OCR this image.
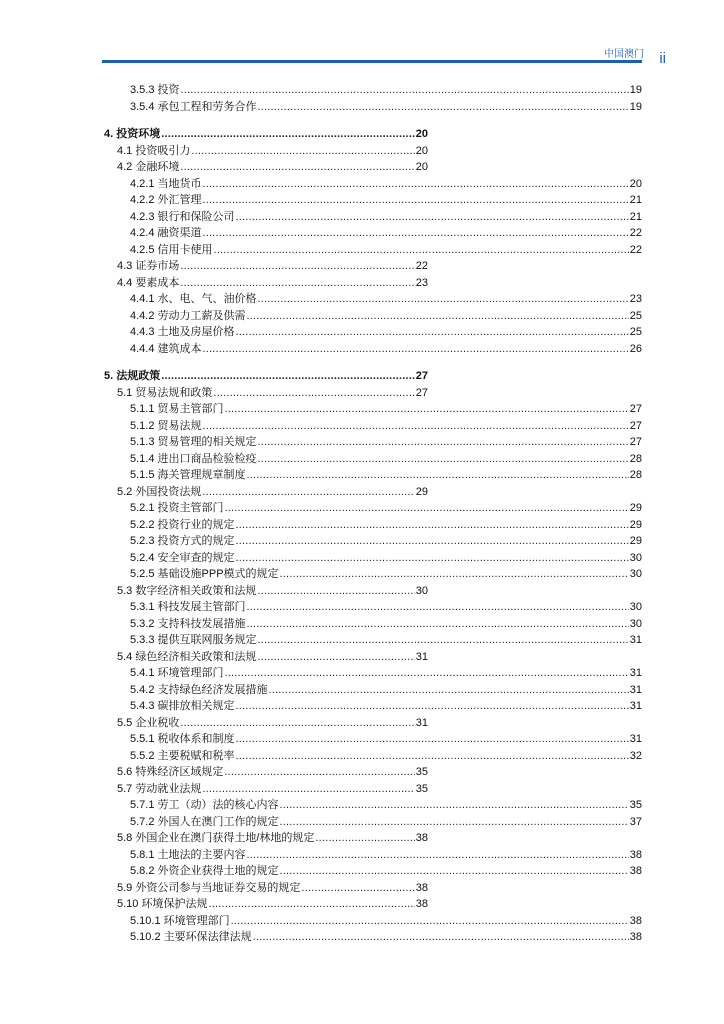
中国澳门 ii
3.5.3 投资 .....	19
3.5.4 承包工程和劳务合作 .....	19
4. 投资环境 .....	20
4.1 投资吸引力 .....	20
4.2 金融环境 .....	20
4.2.1 当地货币 .....	20
4.2.2 外汇管理 .....	21
4.2.3 银行和保险公司 .....	21
4.2.4 融资渠道 .....	22
4.2.5 信用卡使用 .....	22
4.3 证券市场 .....	22
4.4 要素成本 .....	23
4.4.1 水、电、气、油价格 .....	23
4.4.2 劳动力工薪及供需 .....	25
4.4.3 土地及房屋价格 .....	25
4.4.4 建筑成本 .....	26
5. 法规政策 .....	27
5.1 贸易法规和政策 .....	27
5.1.1 贸易主管部门 .....	27
5.1.2 贸易法规 .....	27
5.1.3 贸易管理的相关规定 .....	27
5.1.4 进出口商品检验检疫 .....	28
5.1.5 海关管理规章制度 .....	28
5.2 外国投资法规 .....	29
5.2.1 投资主管部门 .....	29
5.2.2 投资行业的规定 .....	29
5.2.3 投资方式的规定 .....	29
5.2.4 安全审查的规定 .....	30
5.2.5 基础设施PPP模式的规定 .....	30
5.3 数字经济相关政策和法规 .....	30
5.3.1 科技发展主管部门 .....	30
5.3.2 支持科技发展措施 .....	30
5.3.3 提供互联网服务规定 .....	31
5.4 绿色经济相关政策和法规 .....	31
5.4.1 环境管理部门 .....	31
5.4.2 支持绿色经济发展措施 .....	31
5.4.3 碳排放相关规定 .....	31
5.5 企业税收 .....	31
5.5.1 税收体系和制度 .....	31
5.5.2 主要税赋和税率 .....	32
5.6 特殊经济区域规定 .....	35
5.7 劳动就业法规 .....	35
5.7.1 劳工（动）法的核心内容 .....	35
5.7.2 外国人在澳门工作的规定 .....	37
5.8 外国企业在澳门获得土地/林地的规定 .....	38
5.8.1 土地法的主要内容 .....	38
5.8.2 外资企业获得土地的规定 .....	38
5.9 外资公司参与当地证券交易的规定 .....	38
5.10 环境保护法规 .....	38
5.10.1 环境管理部门 .....	38
5.10.2 主要环保法律法规 .....	38
